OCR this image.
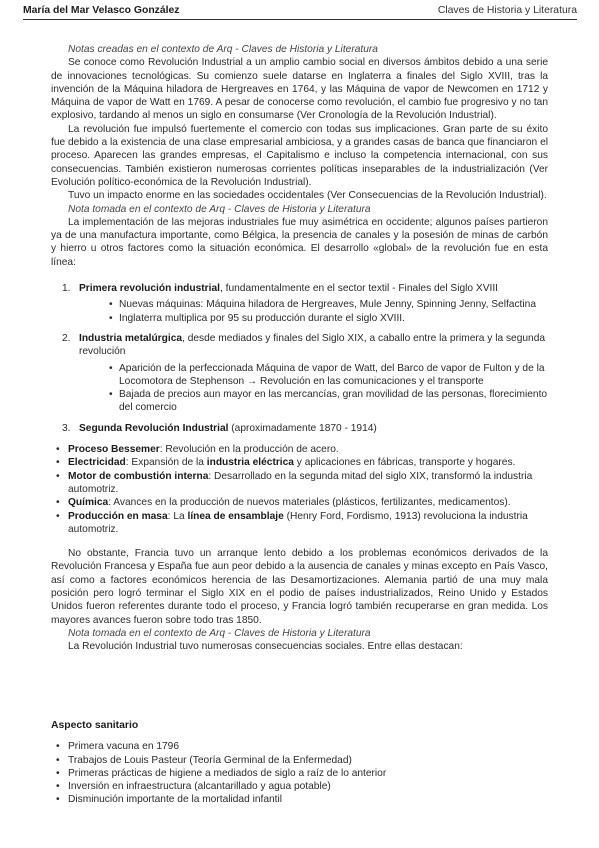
María del Mar Velasco González	Claves de Historia y Literatura

Notas creadas en el contexto de Arq - Claves de Historia y Literatura

Se conoce como Revolución Industrial a un amplio cambio social en diversos ámbitos debido a una serie de innovaciones tecnológicas. Su comienzo suele datarse en Inglaterra a finales del Siglo XVIII, tras la invención de la Máquina hiladora de Hergreaves en 1764, y las Máquina de vapor de Newcomen en 1712 y Máquina de vapor de Watt en 1769. A pesar de conocerse como revolución, el cambio fue progresivo y no tan explosivo, tardando al menos un siglo en consumarse (Ver Cronología de la Revolución Industrial).

La revolución fue impulsó fuertemente el comercio con todas sus implicaciones. Gran parte de su éxito fue debido a la existencia de una clase empresarial ambiciosa, y a grandes casas de banca que financiaron el proceso. Aparecen las grandes empresas, el Capitalismo e incluso la competencia internacional, con sus consecuencias. También existieron numerosas corrientes políticas inseparables de la industrialización (Ver Evolución político-económica de la Revolución Industrial).

Tuvo un impacto enorme en las sociedades occidentales (Ver Consecuencias de la Revolución Industrial).

Nota tomada en el contexto de Arq - Claves de Historia y Literatura

La implementación de las mejoras industriales fue muy asimétrica en occidente; algunos países partieron ya de una manufactura importante, como Bélgica, la presencia de canales y la posesión de minas de carbón y hierro u otros factores como la situación económica. El desarrollo «global» de la revolución fue en esta línea:

1. Primera revolución industrial, fundamentalmente en el sector textil - Finales del Siglo XVIII
• Nuevas máquinas: Máquina hiladora de Hergreaves, Mule Jenny, Spinning Jenny, Selfactina
• Inglaterra multiplica por 95 su producción durante el siglo XVIII.
2. Industria metalúrgica, desde mediados y finales del Siglo XIX, a caballo entre la primera y la segunda revolución
• Aparición de la perfeccionada Máquina de vapor de Watt, del Barco de vapor de Fulton y de la Locomotora de Stephenson → Revolución en las comunicaciones y el transporte
• Bajada de precios aun mayor en las mercancías, gran movilidad de las personas, florecimiento del comercio
3. Segunda Revolución Industrial (aproximadamente 1870 - 1914)
• Proceso Bessemer: Revolución en la producción de acero.
• Electricidad: Expansión de la industria eléctrica y aplicaciones en fábricas, transporte y hogares.
• Motor de combustión interna: Desarrollado en la segunda mitad del siglo XIX, transformó la industria automotriz.
• Química: Avances en la producción de nuevos materiales (plásticos, fertilizantes, medicamentos).
• Producción en masa: La línea de ensamblaje (Henry Ford, Fordismo, 1913) revoluciona la industria automotriz.

No obstante, Francia tuvo un arranque lento debido a los problemas económicos derivados de la Revolución Francesa y España fue aun peor debido a la ausencia de canales y minas excepto en País Vasco, así como a factores económicos herencia de las Desamortizaciones. Alemania partió de una muy mala posición pero logró terminar el Siglo XIX en el podio de países industrializados, Reino Unido y Estados Unidos fueron referentes durante todo el proceso, y Francia logró también recuperarse en gran medida. Los mayores avances fueron sobre todo tras 1850.

Nota tomada en el contexto de Arq - Claves de Historia y Literatura

La Revolución Industrial tuvo numerosas consecuencias sociales. Entre ellas destacan:

Aspecto sanitario
• Primera vacuna en 1796
• Trabajos de Louis Pasteur (Teoría Germinal de la Enfermedad)
• Primeras prácticas de higiene a mediados de siglo a raíz de lo anterior
• Inversión en infraestructura (alcantarillado y agua potable)
• Disminución importante de la mortalidad infantil
